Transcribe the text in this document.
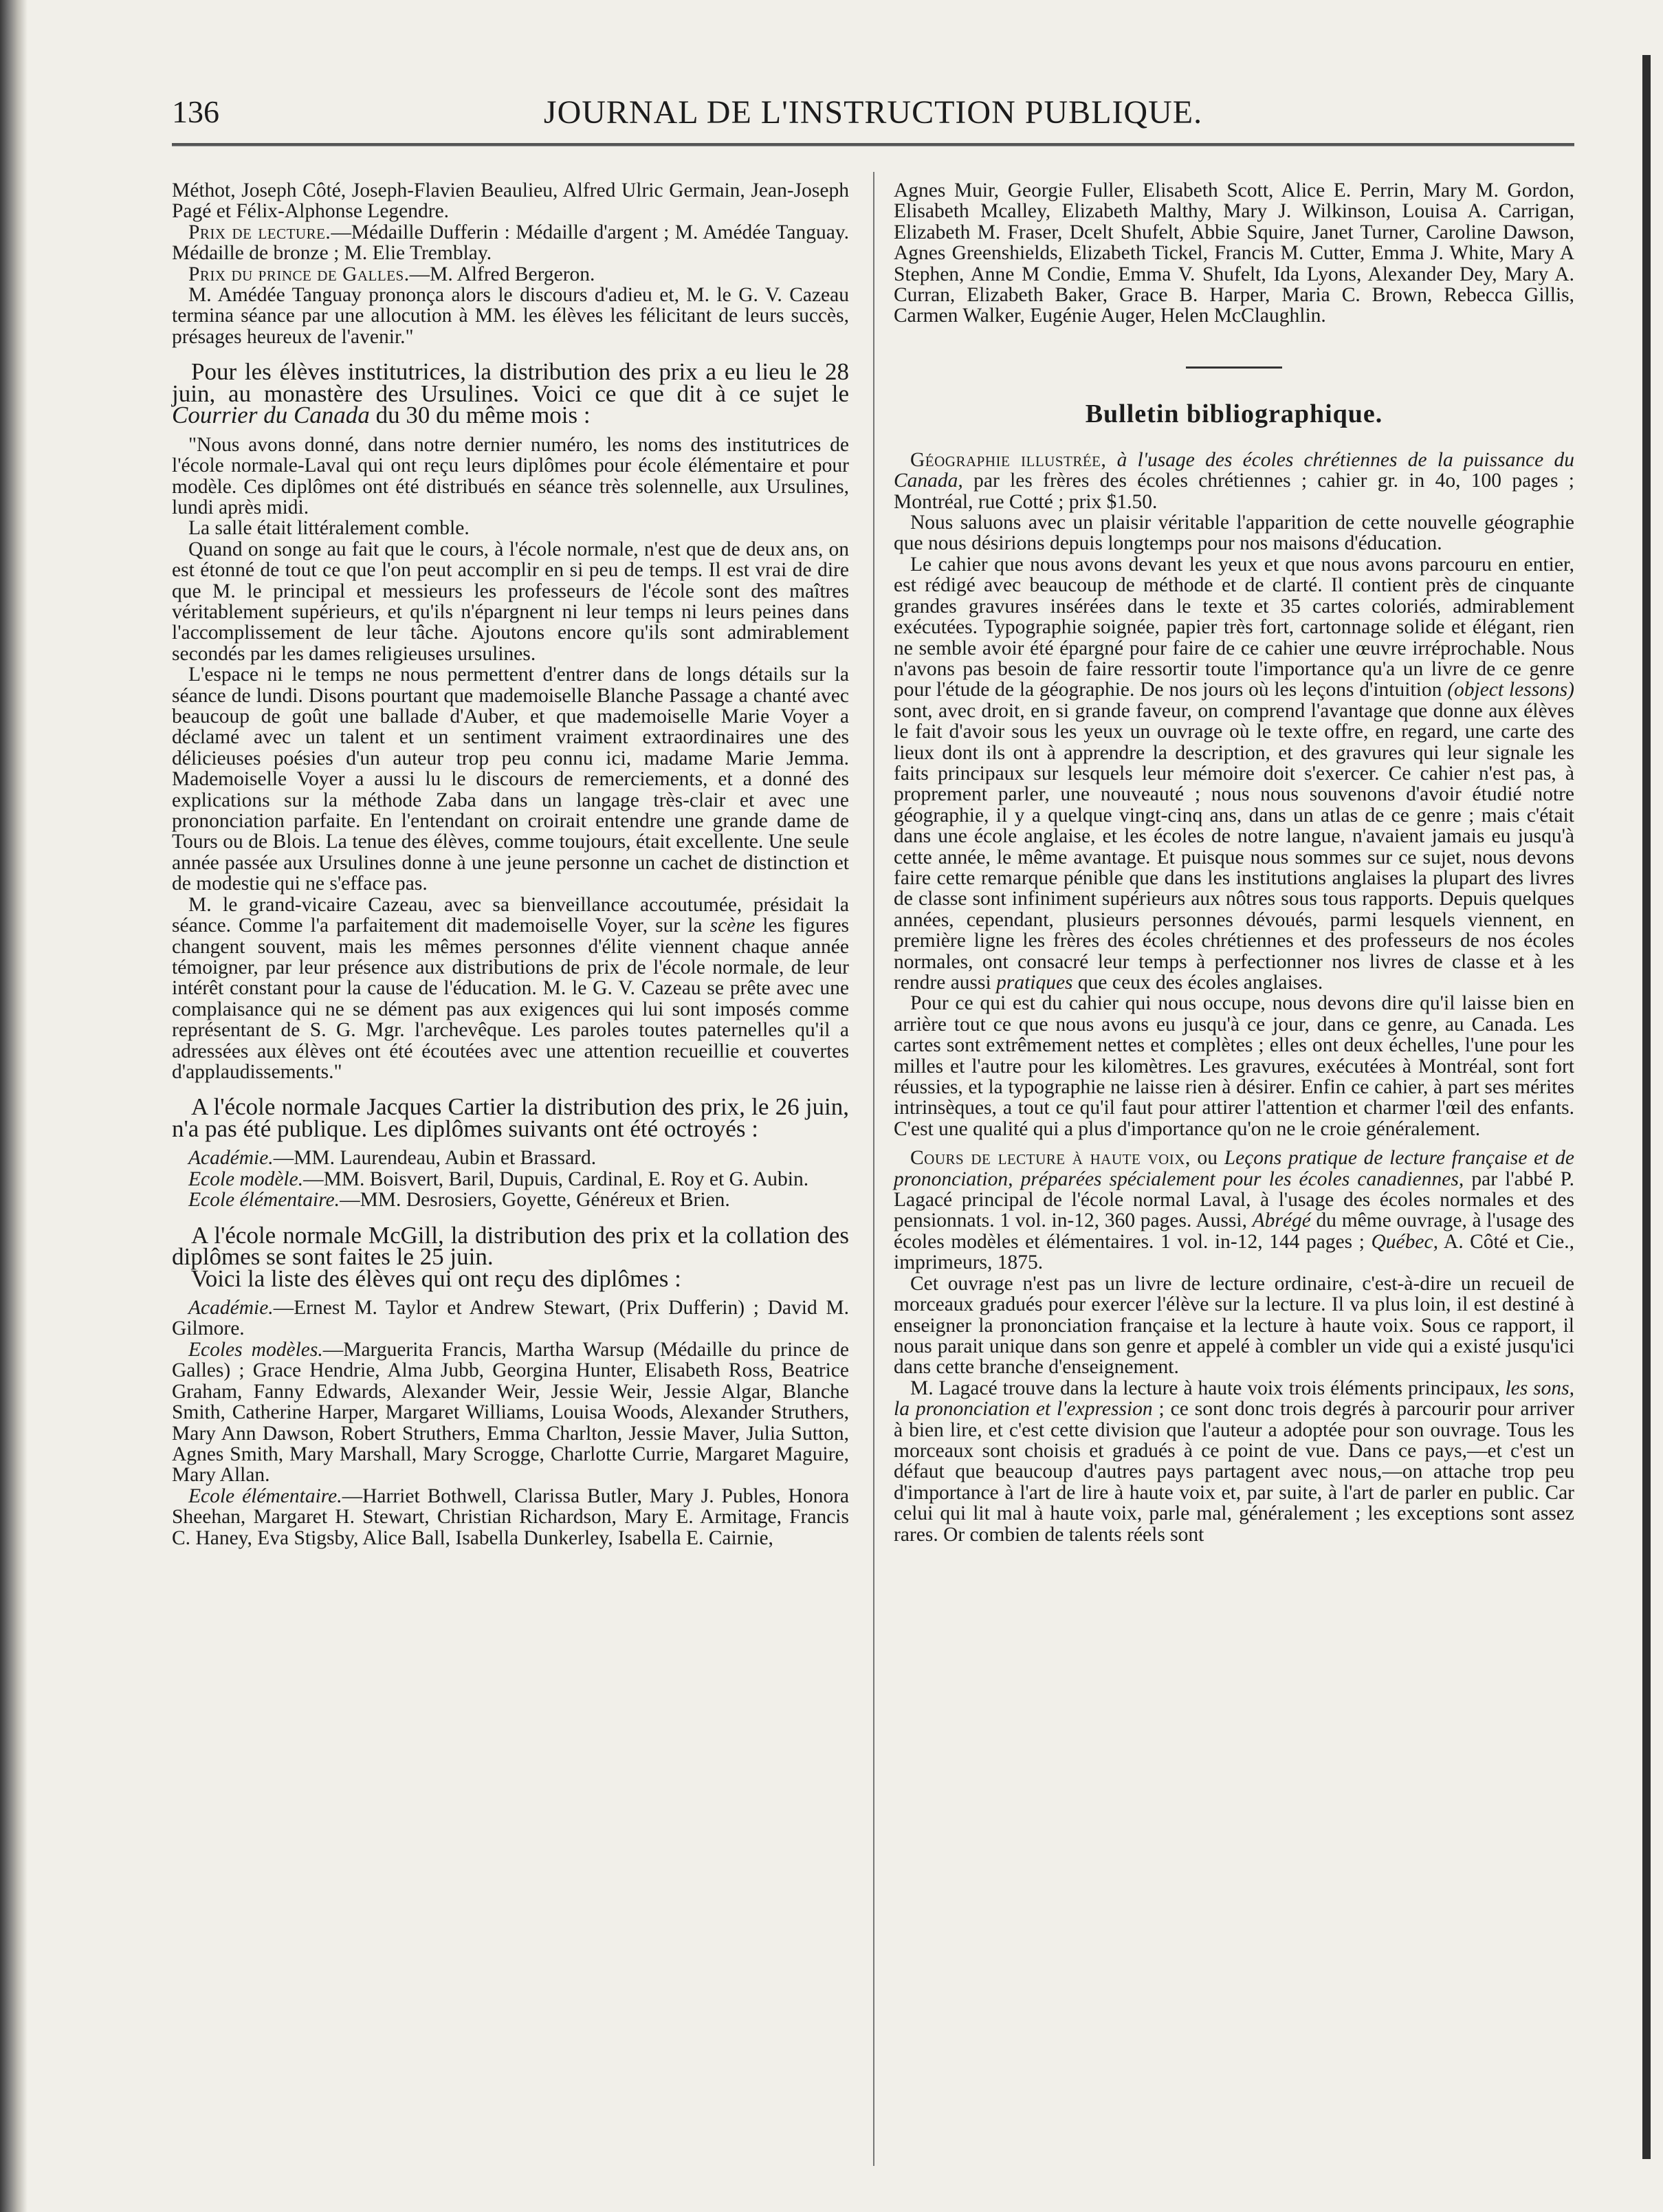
136	JOURNAL DE L'INSTRUCTION PUBLIQUE.

Méthot, Joseph Côté, Joseph-Flavien Beaulieu, Alfred Ulric Germain, Jean-Joseph Pagé et Félix-Alphonse Legendre.

Prix de lecture.—Médaille Dufferin : Médaille d'argent ; M. Amédée Tanguay. Médaille de bronze ; M. Elie Tremblay.

Prix du prince de Galles.—M. Alfred Bergeron.

M. Amédée Tanguay prononça alors le discours d'adieu et, M. le G. V. Cazeau termina séance par une allocution à MM. les élèves les félicitant de leurs succès, présages heureux de l'avenir."

Pour les élèves institutrices, la distribution des prix a eu lieu le 28 juin, au monastère des Ursulines. Voici ce que dit à ce sujet le Courrier du Canada du 30 du même mois :

"Nous avons donné, dans notre dernier numéro, les noms des institutrices de l'école normale-Laval qui ont reçu leurs diplômes pour école élémentaire et pour modèle. Ces diplômes ont été distribués en séance très solennelle, aux Ursulines, lundi après midi.

La salle était littéralement comble.

Quand on songe au fait que le cours, à l'école normale, n'est que de deux ans, on est étonné de tout ce que l'on peut accomplir en si peu de temps. Il est vrai de dire que M. le principal et messieurs les professeurs de l'école sont des maîtres véritablement supérieurs, et qu'ils n'épargnent ni leur temps ni leurs peines dans l'accomplissement de leur tâche. Ajoutons encore qu'ils sont admirablement secondés par les dames religieuses ursulines.

L'espace ni le temps ne nous permettent d'entrer dans de longs détails sur la séance de lundi. Disons pourtant que mademoiselle Blanche Passage a chanté avec beaucoup de goût une ballade d'Auber, et que mademoiselle Marie Voyer a déclamé avec un talent et un sentiment vraiment extraordinaires une des délicieuses poésies d'un auteur trop peu connu ici, madame Marie Jemma. Mademoiselle Voyer a aussi lu le discours de remerciements, et a donné des explications sur la méthode Zaba dans un langage très-clair et avec une prononciation parfaite. En l'entendant on croirait entendre une grande dame de Tours ou de Blois. La tenue des élèves, comme toujours, était excellente. Une seule année passée aux Ursulines donne à une jeune personne un cachet de distinction et de modestie qui ne s'efface pas.

M. le grand-vicaire Cazeau, avec sa bienveillance accoutumée, présidait la séance. Comme l'a parfaitement dit mademoiselle Voyer, sur la scène les figures changent souvent, mais les mêmes personnes d'élite viennent chaque année témoigner, par leur présence aux distributions de prix de l'école normale, de leur intérêt constant pour la cause de l'éducation. M. le G. V. Cazeau se prête avec une complaisance qui ne se dément pas aux exigences qui lui sont imposés comme représentant de S. G. Mgr. l'archevêque. Les paroles toutes paternelles qu'il a adressées aux élèves ont été écoutées avec une attention recueillie et couvertes d'applaudissements."

A l'école normale Jacques Cartier la distribution des prix, le 26 juin, n'a pas été publique. Les diplômes suivants ont été octroyés :

Académie.—MM. Laurendeau, Aubin et Brassard.

Ecole modèle.—MM. Boisvert, Baril, Dupuis, Cardinal, E. Roy et G. Aubin.

Ecole élémentaire.—MM. Desrosiers, Goyette, Généreux et Brien.

A l'école normale McGill, la distribution des prix et la collation des diplômes se sont faites le 25 juin.

Voici la liste des élèves qui ont reçu des diplômes :

Académie.—Ernest M. Taylor et Andrew Stewart, (Prix Dufferin) ; David M. Gilmore.

Ecoles modèles.—Marguerita Francis, Martha Warsup (Médaille du prince de Galles) ; Grace Hendrie, Alma Jubb, Georgina Hunter, Elisabeth Ross, Beatrice Graham, Fanny Edwards, Alexander Weir, Jessie Weir, Jessie Algar, Blanche Smith, Catherine Harper, Margaret Williams, Louisa Woods, Alexander Struthers, Mary Ann Dawson, Robert Struthers, Emma Charlton, Jessie Maver, Julia Sutton, Agnes Smith, Mary Marshall, Mary Scrogge, Charlotte Currie, Margaret Maguire, Mary Allan.

Ecole élémentaire.—Harriet Bothwell, Clarissa Butler, Mary J. Publes, Honora Sheehan, Margaret H. Stewart, Christian Richardson, Mary E. Armitage, Francis C. Haney, Eva Stigsby, Alice Ball, Isabella Dunkerley, Isabella E. Cairnie,

Agnes Muir, Georgie Fuller, Elisabeth Scott, Alice E. Perrin, Mary M. Gordon, Elisabeth Mcalley, Elizabeth Malthy, Mary J. Wilkinson, Louisa A. Carrigan, Elizabeth M. Fraser, Dcelt Shufelt, Abbie Squire, Janet Turner, Caroline Dawson, Agnes Greenshields, Elizabeth Tickel, Francis M. Cutter, Emma J. White, Mary A Stephen, Anne M Condie, Emma V. Shufelt, Ida Lyons, Alexander Dey, Mary A. Curran, Elizabeth Baker, Grace B. Harper, Maria C. Brown, Rebecca Gillis, Carmen Walker, Eugénie Auger, Helen McClaughlin.

Bulletin bibliographique.

Géographie illustrée, à l'usage des écoles chrétiennes de la puissance du Canada, par les frères des écoles chrétiennes ; cahier gr. in 4o, 100 pages ; Montréal, rue Cotté ; prix $1.50.

Nous saluons avec un plaisir véritable l'apparition de cette nouvelle géographie que nous désirions depuis longtemps pour nos maisons d'éducation.

Le cahier que nous avons devant les yeux et que nous avons parcouru en entier, est rédigé avec beaucoup de méthode et de clarté. Il contient près de cinquante grandes gravures insérées dans le texte et 35 cartes coloriés, admirablement exécutées. Typographie soignée, papier très fort, cartonnage solide et élégant, rien ne semble avoir été épargné pour faire de ce cahier une œuvre irréprochable. Nous n'avons pas besoin de faire ressortir toute l'importance qu'a un livre de ce genre pour l'étude de la géographie. De nos jours où les leçons d'intuition (object lessons) sont, avec droit, en si grande faveur, on comprend l'avantage que donne aux élèves le fait d'avoir sous les yeux un ouvrage où le texte offre, en regard, une carte des lieux dont ils ont à apprendre la description, et des gravures qui leur signale les faits principaux sur lesquels leur mémoire doit s'exercer. Ce cahier n'est pas, à proprement parler, une nouveauté ; nous nous souvenons d'avoir étudié notre géographie, il y a quelque vingt-cinq ans, dans un atlas de ce genre ; mais c'était dans une école anglaise, et les écoles de notre langue, n'avaient jamais eu jusqu'à cette année, le même avantage. Et puisque nous sommes sur ce sujet, nous devons faire cette remarque pénible que dans les institutions anglaises la plupart des livres de classe sont infiniment supérieurs aux nôtres sous tous rapports. Depuis quelques années, cependant, plusieurs personnes dévoués, parmi lesquels viennent, en première ligne les frères des écoles chrétiennes et des professeurs de nos écoles normales, ont consacré leur temps à perfectionner nos livres de classe et à les rendre aussi pratiques que ceux des écoles anglaises.

Pour ce qui est du cahier qui nous occupe, nous devons dire qu'il laisse bien en arrière tout ce que nous avons eu jusqu'à ce jour, dans ce genre, au Canada. Les cartes sont extrêmement nettes et complètes ; elles ont deux échelles, l'une pour les milles et l'autre pour les kilomètres. Les gravures, exécutées à Montréal, sont fort réussies, et la typographie ne laisse rien à désirer. Enfin ce cahier, à part ses mérites intrinsèques, a tout ce qu'il faut pour attirer l'attention et charmer l'œil des enfants. C'est une qualité qui a plus d'importance qu'on ne le croie généralement.

Cours de lecture à haute voix, ou Leçons pratique de lecture française et de prononciation, préparées spécialement pour les écoles canadiennes, par l'abbé P. Lagacé principal de l'école normal Laval, à l'usage des écoles normales et des pensionnats. 1 vol. in-12, 360 pages. Aussi, Abrégé du même ouvrage, à l'usage des écoles modèles et élémentaires. 1 vol. in-12, 144 pages ; Québec, A. Côté et Cie., imprimeurs, 1875.

Cet ouvrage n'est pas un livre de lecture ordinaire, c'est-à-dire un recueil de morceaux gradués pour exercer l'élève sur la lecture. Il va plus loin, il est destiné à enseigner la prononciation française et la lecture à haute voix. Sous ce rapport, il nous parait unique dans son genre et appelé à combler un vide qui a existé jusqu'ici dans cette branche d'enseignement.

M. Lagacé trouve dans la lecture à haute voix trois éléments principaux, les sons, la prononciation et l'expression ; ce sont donc trois degrés à parcourir pour arriver à bien lire, et c'est cette division que l'auteur a adoptée pour son ouvrage. Tous les morceaux sont choisis et gradués à ce point de vue. Dans ce pays,—et c'est un défaut que beaucoup d'autres pays partagent avec nous,—on attache trop peu d'importance à l'art de lire à haute voix et, par suite, à l'art de parler en public. Car celui qui lit mal à haute voix, parle mal, généralement ; les exceptions sont assez rares. Or combien de talents réels sont
